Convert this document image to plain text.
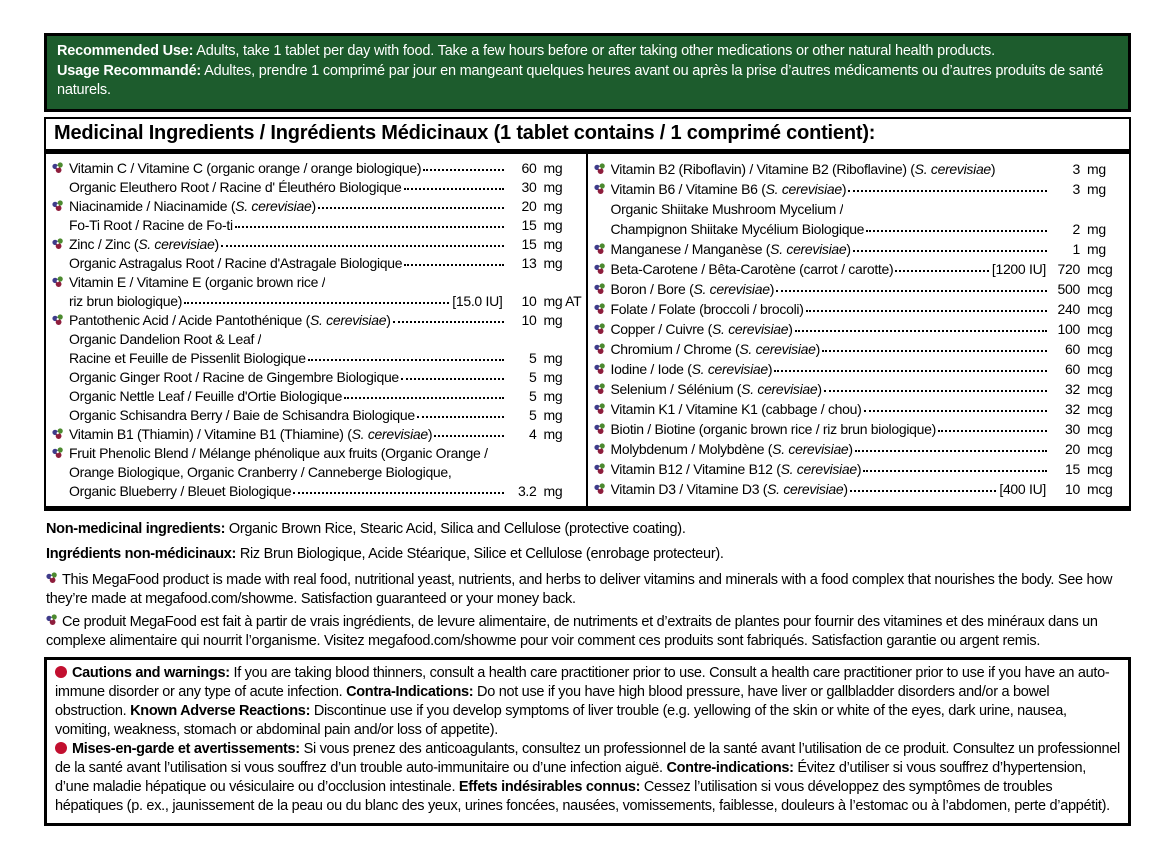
Recommended Use: Adults, take 1 tablet per day with food. Take a few hours before or after taking other medications or other natural health products.
Usage Recommandé: Adultes, prendre 1 comprimé par jour en mangeant quelques heures avant ou après la prise d’autres médicaments ou d’autres produits de santé naturels.
Medicinal Ingredients / Ingrédients Médicinaux (1 tablet contains / 1 comprimé contient):
Vitamin C / Vitamine C (organic orange / orange biologique)	60 mg
Organic Eleuthero Root / Racine d' Éleuthéro Biologique	30 mg
Niacinamide / Niacinamide (S. cerevisiae)	20 mg
Fo-Ti Root / Racine de Fo-ti	15 mg
Zinc / Zinc (S. cerevisiae)	15 mg
Organic Astragalus Root / Racine d'Astragale Biologique	13 mg
Vitamin E / Vitamine E (organic brown rice /
riz brun biologique)	[15.0 IU]	10 mg AT
Pantothenic Acid / Acide Pantothénique (S. cerevisiae)	10 mg
Organic Dandelion Root & Leaf /
Racine et Feuille de Pissenlit Biologique	5 mg
Organic Ginger Root / Racine de Gingembre Biologique	5 mg
Organic Nettle Leaf / Feuille d'Ortie Biologique	5 mg
Organic Schisandra Berry / Baie de Schisandra Biologique	5 mg
Vitamin B1 (Thiamin) / Vitamine B1 (Thiamine) (S. cerevisiae)	4 mg
Fruit Phenolic Blend / Mélange phénolique aux fruits (Organic Orange /
Orange Biologique, Organic Cranberry / Canneberge Biologique,
Organic Blueberry / Bleuet Biologique	3.2 mg
Vitamin B2 (Riboflavin) / Vitamine B2 (Riboflavine) (S. cerevisiae)	3 mg
Vitamin B6 / Vitamine B6 (S. cerevisiae)	3 mg
Organic Shiitake Mushroom Mycelium /
Champignon Shiitake Mycélium Biologique	2 mg
Manganese / Manganèse (S. cerevisiae)	1 mg
Beta-Carotene / Bêta-Carotène (carrot / carotte)	[1200 IU] 720 mcg
Boron / Bore (S. cerevisiae)	500 mcg
Folate / Folate (broccoli / brocoli)	240 mcg
Copper / Cuivre (S. cerevisiae)	100 mcg
Chromium / Chrome (S. cerevisiae)	60 mcg
Iodine / Iode (S. cerevisiae)	60 mcg
Selenium / Sélénium (S. cerevisiae)	32 mcg
Vitamin K1 / Vitamine K1 (cabbage / chou)	32 mcg
Biotin / Biotine (organic brown rice / riz brun biologique)	30 mcg
Molybdenum / Molybdène (S. cerevisiae)	20 mcg
Vitamin B12 / Vitamine B12 (S. cerevisiae)	15 mcg
Vitamin D3 / Vitamine D3 (S. cerevisiae)	[400 IU]	10 mcg

Non-medicinal ingredients: Organic Brown Rice, Stearic Acid, Silica and Cellulose (protective coating).

Ingrédients non-médicinaux: Riz Brun Biologique, Acide Stéarique, Silice et Cellulose (enrobage protecteur).

This MegaFood product is made with real food, nutritional yeast, nutrients, and herbs to deliver vitamins and minerals with a food complex that nourishes the body. See how they’re made at megafood.com/showme. Satisfaction guaranteed or your money back.

Ce produit MegaFood est fait à partir de vrais ingrédients, de levure alimentaire, de nutriments et d’extraits de plantes pour fournir des vitamines et des minéraux dans un complexe alimentaire qui nourrit l’organisme. Visitez megafood.com/showme pour voir comment ces produits sont fabriqués. Satisfaction garantie ou argent remis.

Cautions and warnings: If you are taking blood thinners, consult a health care practitioner prior to use. Consult a health care practitioner prior to use if you have an auto-immune disorder or any type of acute infection. Contra-Indications: Do not use if you have high blood pressure, have liver or gallbladder disorders and/or a bowel obstruction. Known Adverse Reactions: Discontinue use if you develop symptoms of liver trouble (e.g. yellowing of the skin or white of the eyes, dark urine, nausea, vomiting, weakness, stomach or abdominal pain and/or loss of appetite).
Mises-en-garde et avertissements: Si vous prenez des anticoagulants, consultez un professionnel de la santé avant l’utilisation de ce produit. Consultez un professionnel de la santé avant l’utilisation si vous souffrez d’un trouble auto-immunitaire ou d’une infection aiguë. Contre-indications: Évitez d’utiliser si vous souffrez d’hypertension, d’une maladie hépatique ou vésiculaire ou d’occlusion intestinale. Effets indésirables connus: Cessez l’utilisation si vous développez des symptômes de troubles hépatiques (p. ex., jaunissement de la peau ou du blanc des yeux, urines foncées, nausées, vomissements, faiblesse, douleurs à l’estomac ou à l’abdomen, perte d’appétit).
